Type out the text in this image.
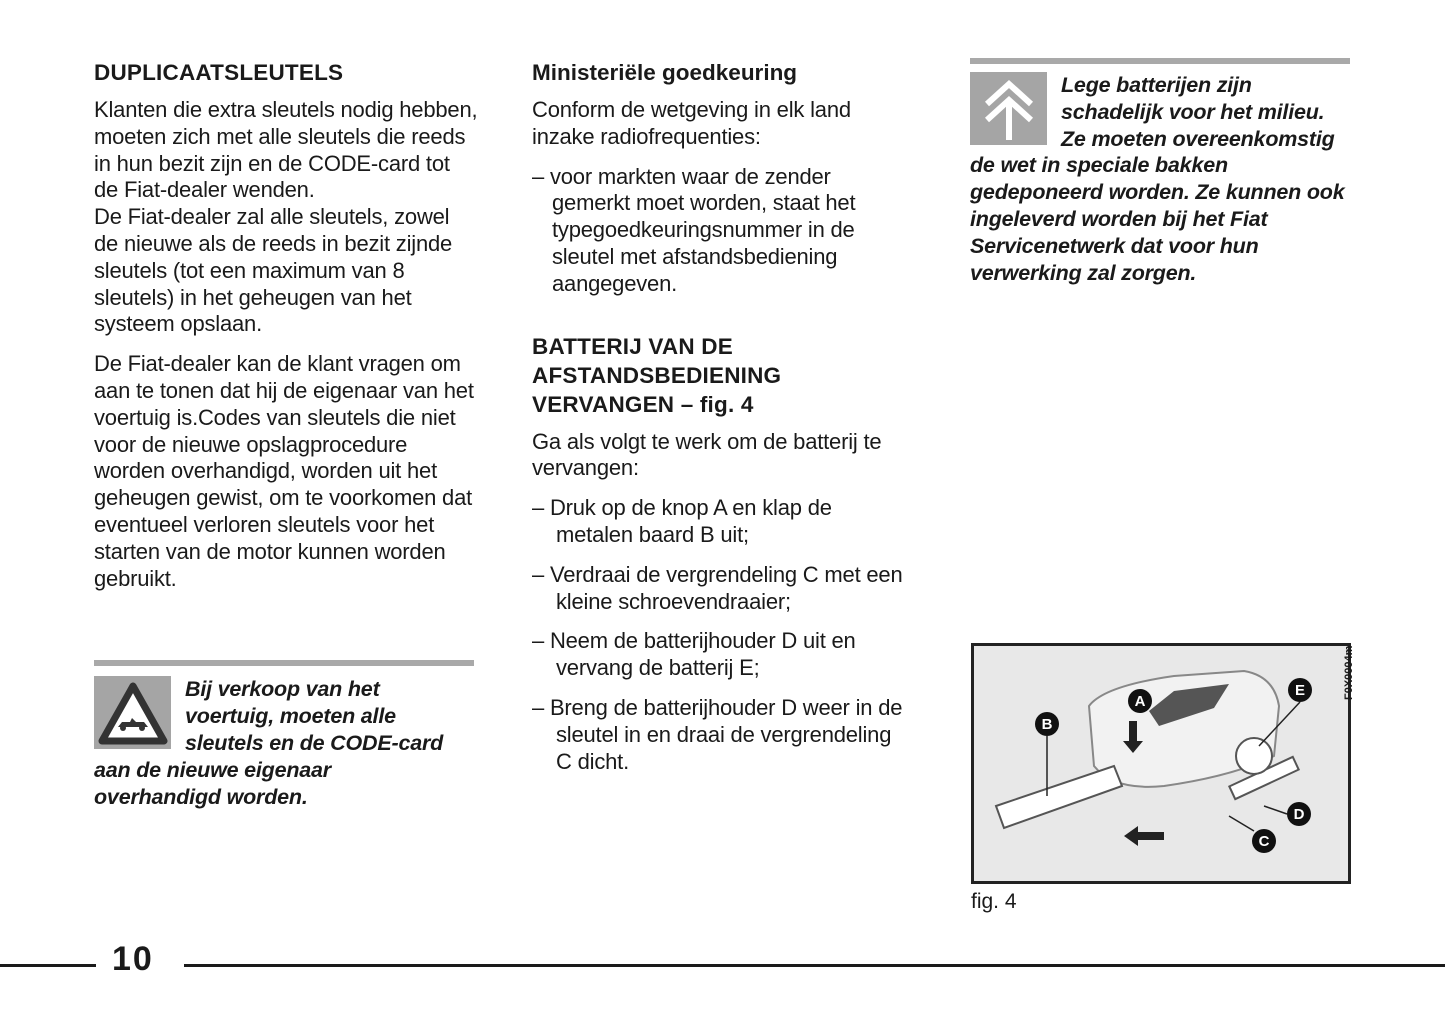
DUPLICAATSLEUTELS

Klanten die extra sleutels nodig hebben, moeten zich met alle sleutels die reeds in hun bezit zijn en de CODE-card tot de Fiat-dealer wenden.

De Fiat-dealer zal alle sleutels, zowel de nieuwe als de reeds in bezit zijnde sleutels (tot een maximum van 8 sleutels) in het geheugen van het systeem opslaan.

De Fiat-dealer kan de klant vragen om aan te tonen dat hij de eigenaar van het voertuig is.Codes van sleutels die niet voor de nieuwe opslagprocedure worden overhandigd, worden uit het geheugen gewist, om te voorkomen dat eventueel verloren sleutels voor het starten van de motor kunnen worden gebruikt.

Bij verkoop van het voertuig, moeten alle sleutels en de CODE-card aan de nieuwe eigenaar overhandigd worden.
Ministeriële goedkeuring

Conform de wetgeving in elk land inzake radiofrequenties:

– voor markten waar de zender gemerkt moet worden, staat het typegoedkeuringsnummer in de sleutel met afstandsbediening aangegeven.
BATTERIJ VAN DE AFSTANDSBEDIENING VERVANGEN – fig. 4

Ga als volgt te werk om de batterij te vervangen:

– Druk op de knop A en klap de metalen baard B uit;
– Verdraai de vergrendeling C met een kleine schroevendraaier;
– Neem de batterijhouder D uit en vervang de batterij E;
– Breng de batterijhouder D weer in de sleutel in en draai de vergrendeling C dicht.
Lege batterijen zijn schadelijk voor het milieu. Ze moeten overeenkomstig de wet in speciale bakken gedeponeerd worden. Ze kunnen ook ingeleverd worden bij het Fiat Servicenetwerk dat voor hun verwerking zal zorgen.
A
B
C
D
E	F0X0004m
fig. 4
10
